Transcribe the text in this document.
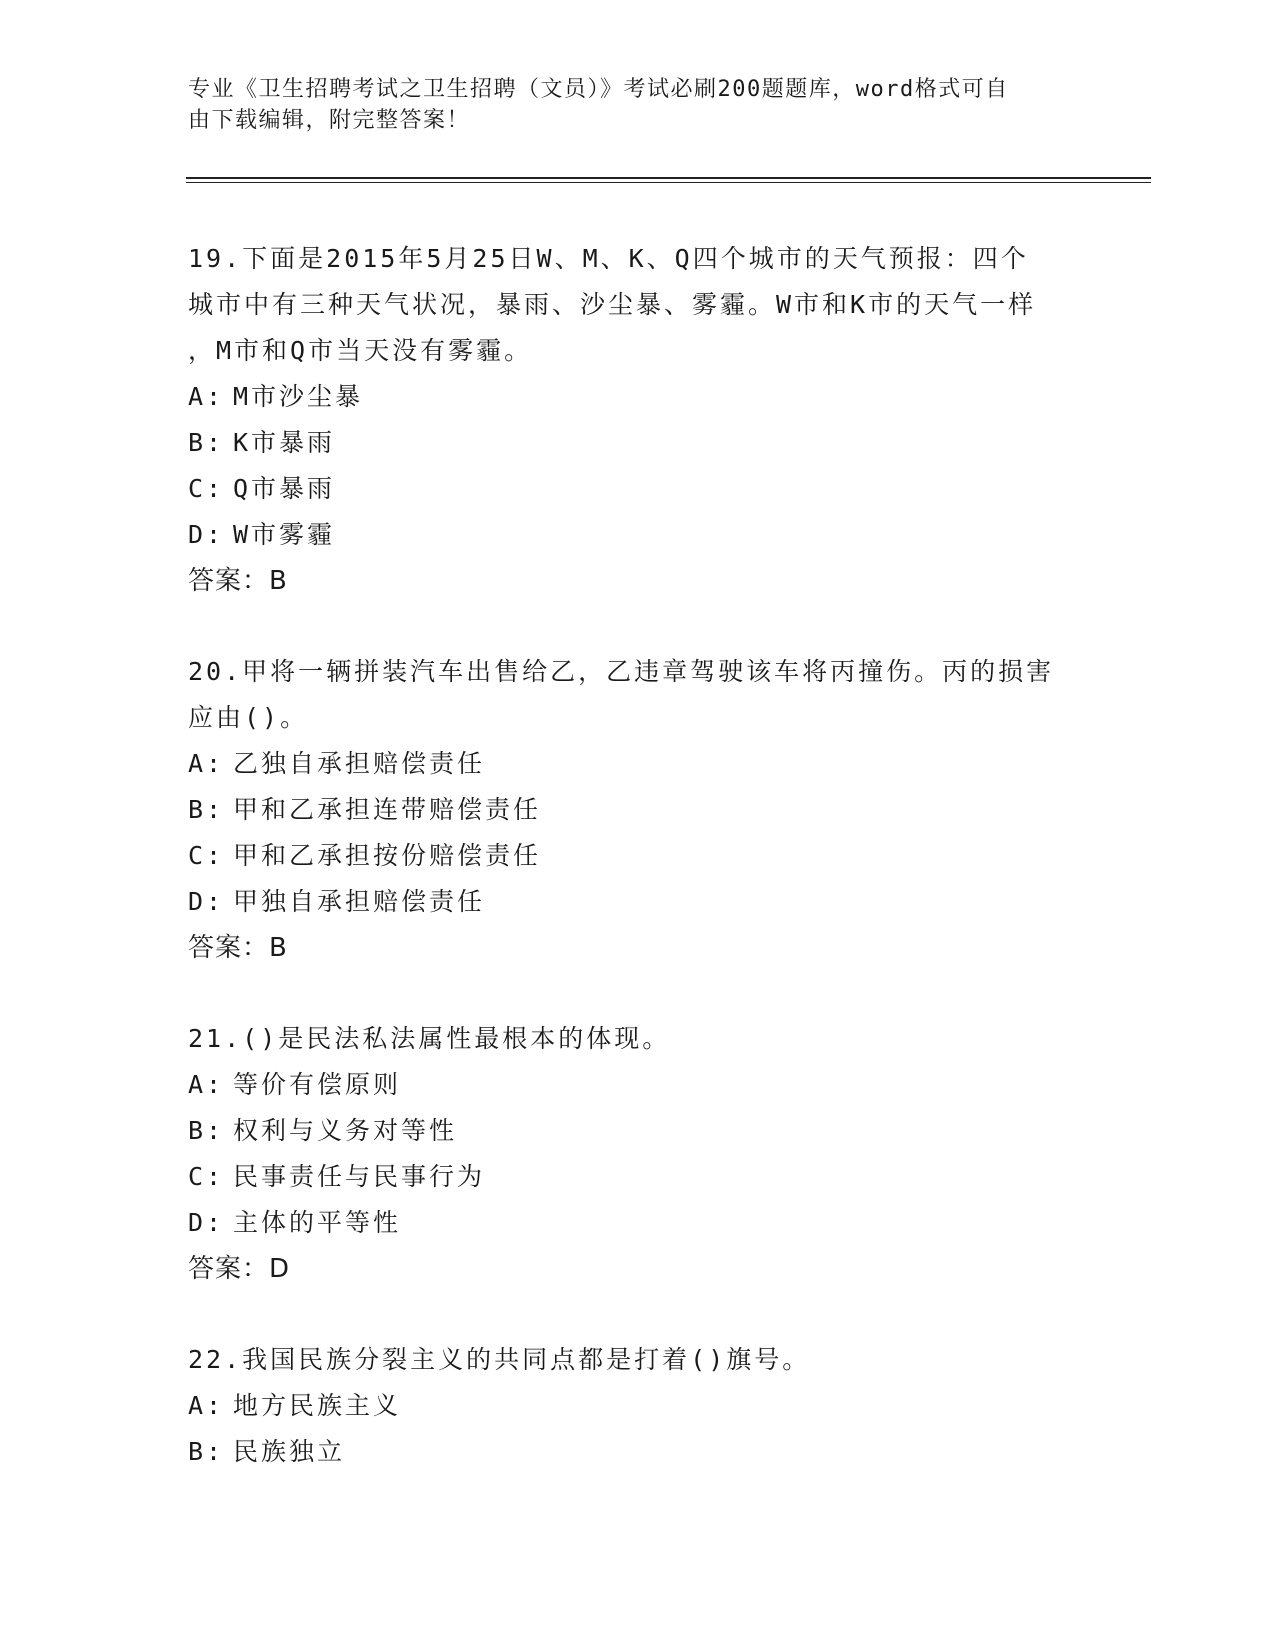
专业《卫生招聘考试之卫生招聘（文员）》考试必刷200题题库，word格式可自
由下载编辑，附完整答案！
19.下面是2015年5月25日W、M、K、Q四个城市的天气预报：四个
城市中有三种天气状况，暴雨、沙尘暴、雾霾。W市和K市的天气一样
，M市和Q市当天没有雾霾。
A: M市沙尘暴
B: K市暴雨
C: Q市暴雨
D: W市雾霾
答案：B
20.甲将一辆拼装汽车出售给乙，乙违章驾驶该车将丙撞伤。丙的损害
应由()。
A: 乙独自承担赔偿责任
B: 甲和乙承担连带赔偿责任
C: 甲和乙承担按份赔偿责任
D: 甲独自承担赔偿责任
答案：B
21.()是民法私法属性最根本的体现。
A: 等价有偿原则
B: 权利与义务对等性
C: 民事责任与民事行为
D: 主体的平等性
答案：D
22.我国民族分裂主义的共同点都是打着()旗号。
A: 地方民族主义
B: 民族独立
